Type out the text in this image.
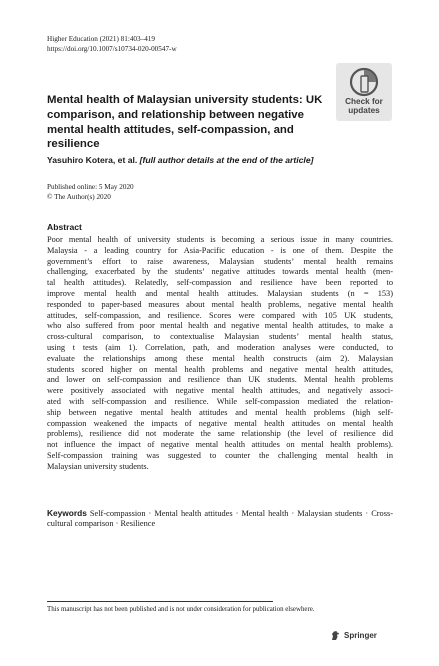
Higher Education (2021) 81:403–419
https://doi.org/10.1007/s10734-020-00547-w
Check for
updates
Mental health of Malaysian university students: UK comparison, and relationship between negative mental health attitudes, self-compassion, and resilience
Yasuhiro Kotera, et al. [full author details at the end of the article]
Published online: 5 May 2020
© The Author(s) 2020
Abstract
Poor mental health of university students is becoming a serious issue in many countries.
Malaysia - a leading country for Asia-Pacific education - is one of them. Despite the
government’s effort to raise awareness, Malaysian students’ mental health remains
challenging, exacerbated by the students’ negative attitudes towards mental health (men-
tal health attitudes). Relatedly, self-compassion and resilience have been reported to
improve mental health and mental health attitudes. Malaysian students (n = 153)
responded to paper-based measures about mental health problems, negative mental health
attitudes, self-compassion, and resilience. Scores were compared with 105 UK students,
who also suffered from poor mental health and negative mental health attitudes, to make a
cross-cultural comparison, to contextualise Malaysian students’ mental health status,
using t tests (aim 1). Correlation, path, and moderation analyses were conducted, to
evaluate the relationships among these mental health constructs (aim 2). Malaysian
students scored higher on mental health problems and negative mental health attitudes,
and lower on self-compassion and resilience than UK students. Mental health problems
were positively associated with negative mental health attitudes, and negatively associ-
ated with self-compassion and resilience. While self-compassion mediated the relation-
ship between negative mental health attitudes and mental health problems (high self-
compassion weakened the impacts of negative mental health attitudes on mental health
problems), resilience did not moderate the same relationship (the level of resilience did
not influence the impact of negative mental health attitudes on mental health problems).
Self-compassion training was suggested to counter the challenging mental health in
Malaysian university students.
Keywords Self-compassion · Mental health attitudes · Mental health · Malaysian students · Cross-
cultural comparison · Resilience
This manuscript has not been published and is not under consideration for publication elsewhere.
Springer
